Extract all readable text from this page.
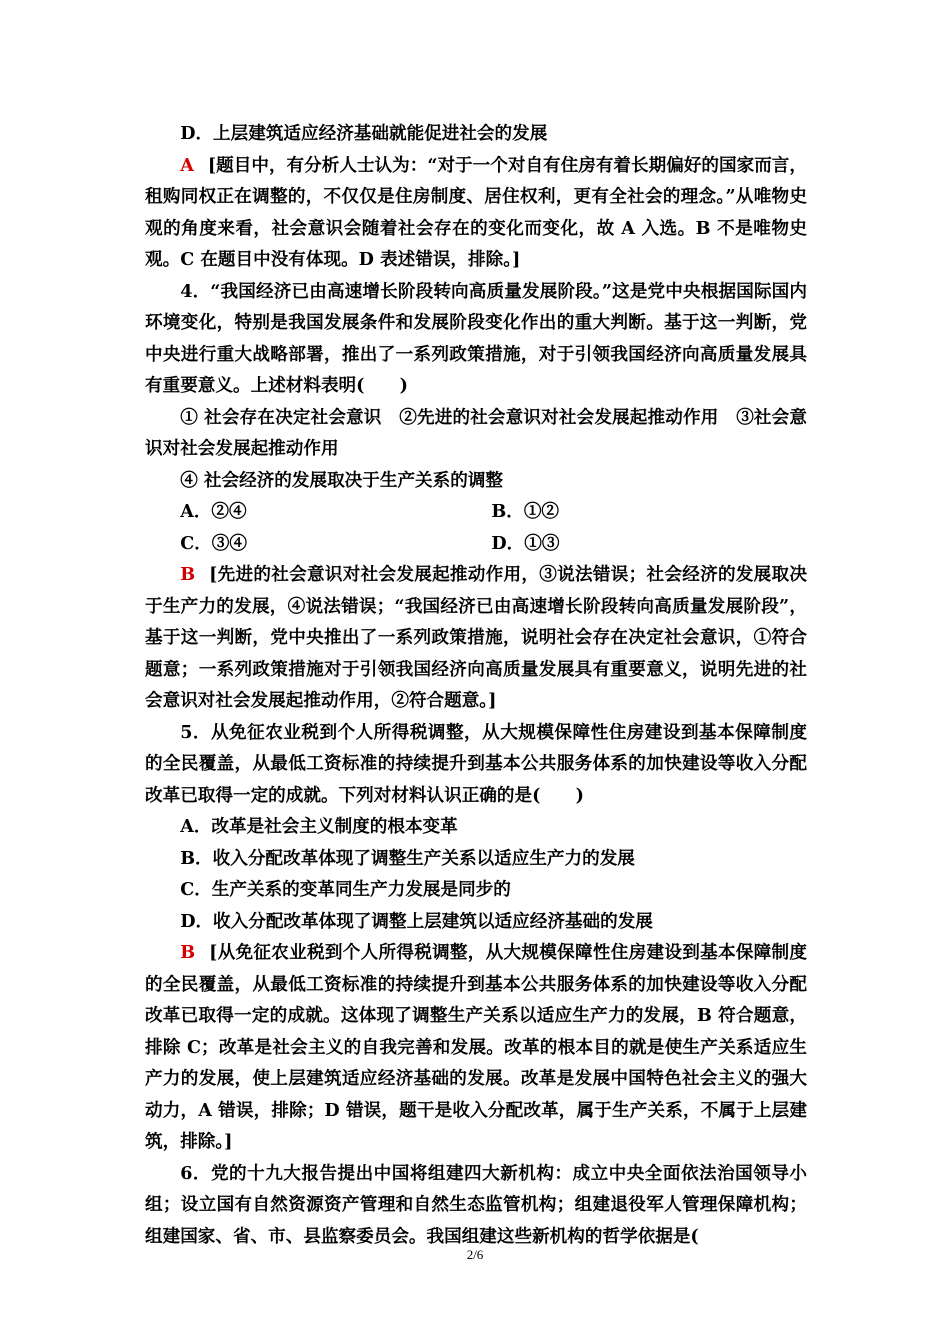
D．上层建筑适应经济基础就能促进社会的发展

A [题目中，有分析人士认为：“对于一个对自有住房有着长期偏好的国家而言，租购同权正在调整的，不仅仅是住房制度、居住权利，更有全社会的理念。”从唯物史观的角度来看，社会意识会随着社会存在的变化而变化，故 A 入选。B 不是唯物史观。C 在题目中没有体现。D 表述错误，排除。]

4．“我国经济已由高速增长阶段转向高质量发展阶段。”这是党中央根据国际国内环境变化，特别是我国发展条件和发展阶段变化作出的重大判断。基于这一判断，党中央进行重大战略部署，推出了一系列政策措施，对于引领我国经济向高质量发展具有重要意义。上述材料表明(　　)

① 社会存在决定社会意识　②先进的社会意识对社会发展起推动作用　③社会意识对社会发展起推动作用

④ 社会经济的发展取决于生产关系的调整

A．②④	B．①②
C．③④	D．①③

B [先进的社会意识对社会发展起推动作用，③说法错误；社会经济的发展取决于生产力的发展，④说法错误；“我国经济已由高速增长阶段转向高质量发展阶段”，基于这一判断，党中央推出了一系列政策措施，说明社会存在决定社会意识，①符合题意；一系列政策措施对于引领我国经济向高质量发展具有重要意义，说明先进的社会意识对社会发展起推动作用，②符合题意。]

5．从免征农业税到个人所得税调整，从大规模保障性住房建设到基本保障制度的全民覆盖，从最低工资标准的持续提升到基本公共服务体系的加快建设等收入分配改革已取得一定的成就。下列对材料认识正确的是(　　)

A．改革是社会主义制度的根本变革

B．收入分配改革体现了调整生产关系以适应生产力的发展

C．生产关系的变革同生产力发展是同步的

D．收入分配改革体现了调整上层建筑以适应经济基础的发展

B [从免征农业税到个人所得税调整，从大规模保障性住房建设到基本保障制度的全民覆盖，从最低工资标准的持续提升到基本公共服务体系的加快建设等收入分配改革已取得一定的成就。这体现了调整生产关系以适应生产力的发展，B 符合题意，排除 C；改革是社会主义的自我完善和发展。改革的根本目的就是使生产关系适应生产力的发展，使上层建筑适应经济基础的发展。改革是发展中国特色社会主义的强大动力，A 错误，排除；D 错误，题干是收入分配改革，属于生产关系，不属于上层建筑，排除。]

6．党的十九大报告提出中国将组建四大新机构：成立中央全面依法治国领导小组；设立国有自然资源资产管理和自然生态监管机构；组建退役军人管理保障机构；组建国家、省、市、县监察委员会。我国组建这些新机构的哲学依据是(

2/6
